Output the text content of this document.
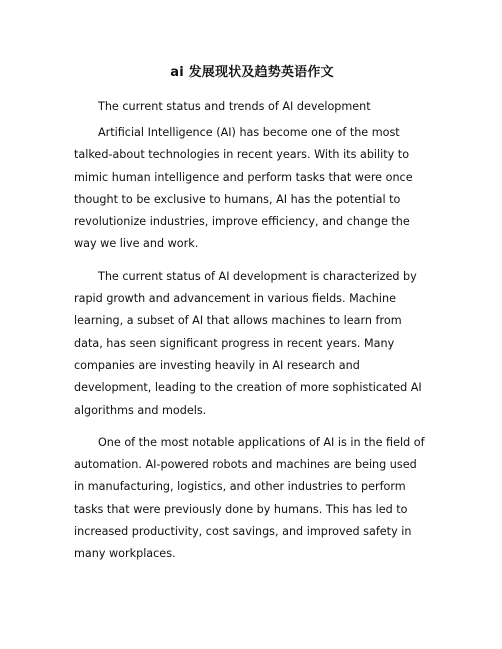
ai 发展现状及趋势英语作文

The current status and trends of AI development

Artificial Intelligence (AI) has become one of the most talked-about technologies in recent years. With its ability to mimic human intelligence and perform tasks that were once thought to be exclusive to humans, AI has the potential to revolutionize industries, improve efficiency, and change the way we live and work.

The current status of AI development is characterized by rapid growth and advancement in various fields. Machine learning, a subset of AI that allows machines to learn from data, has seen significant progress in recent years. Many companies are investing heavily in AI research and development, leading to the creation of more sophisticated AI algorithms and models.

One of the most notable applications of AI is in the field of automation. AI-powered robots and machines are being used in manufacturing, logistics, and other industries to perform tasks that were previously done by humans. This has led to increased productivity, cost savings, and improved safety in many workplaces.
